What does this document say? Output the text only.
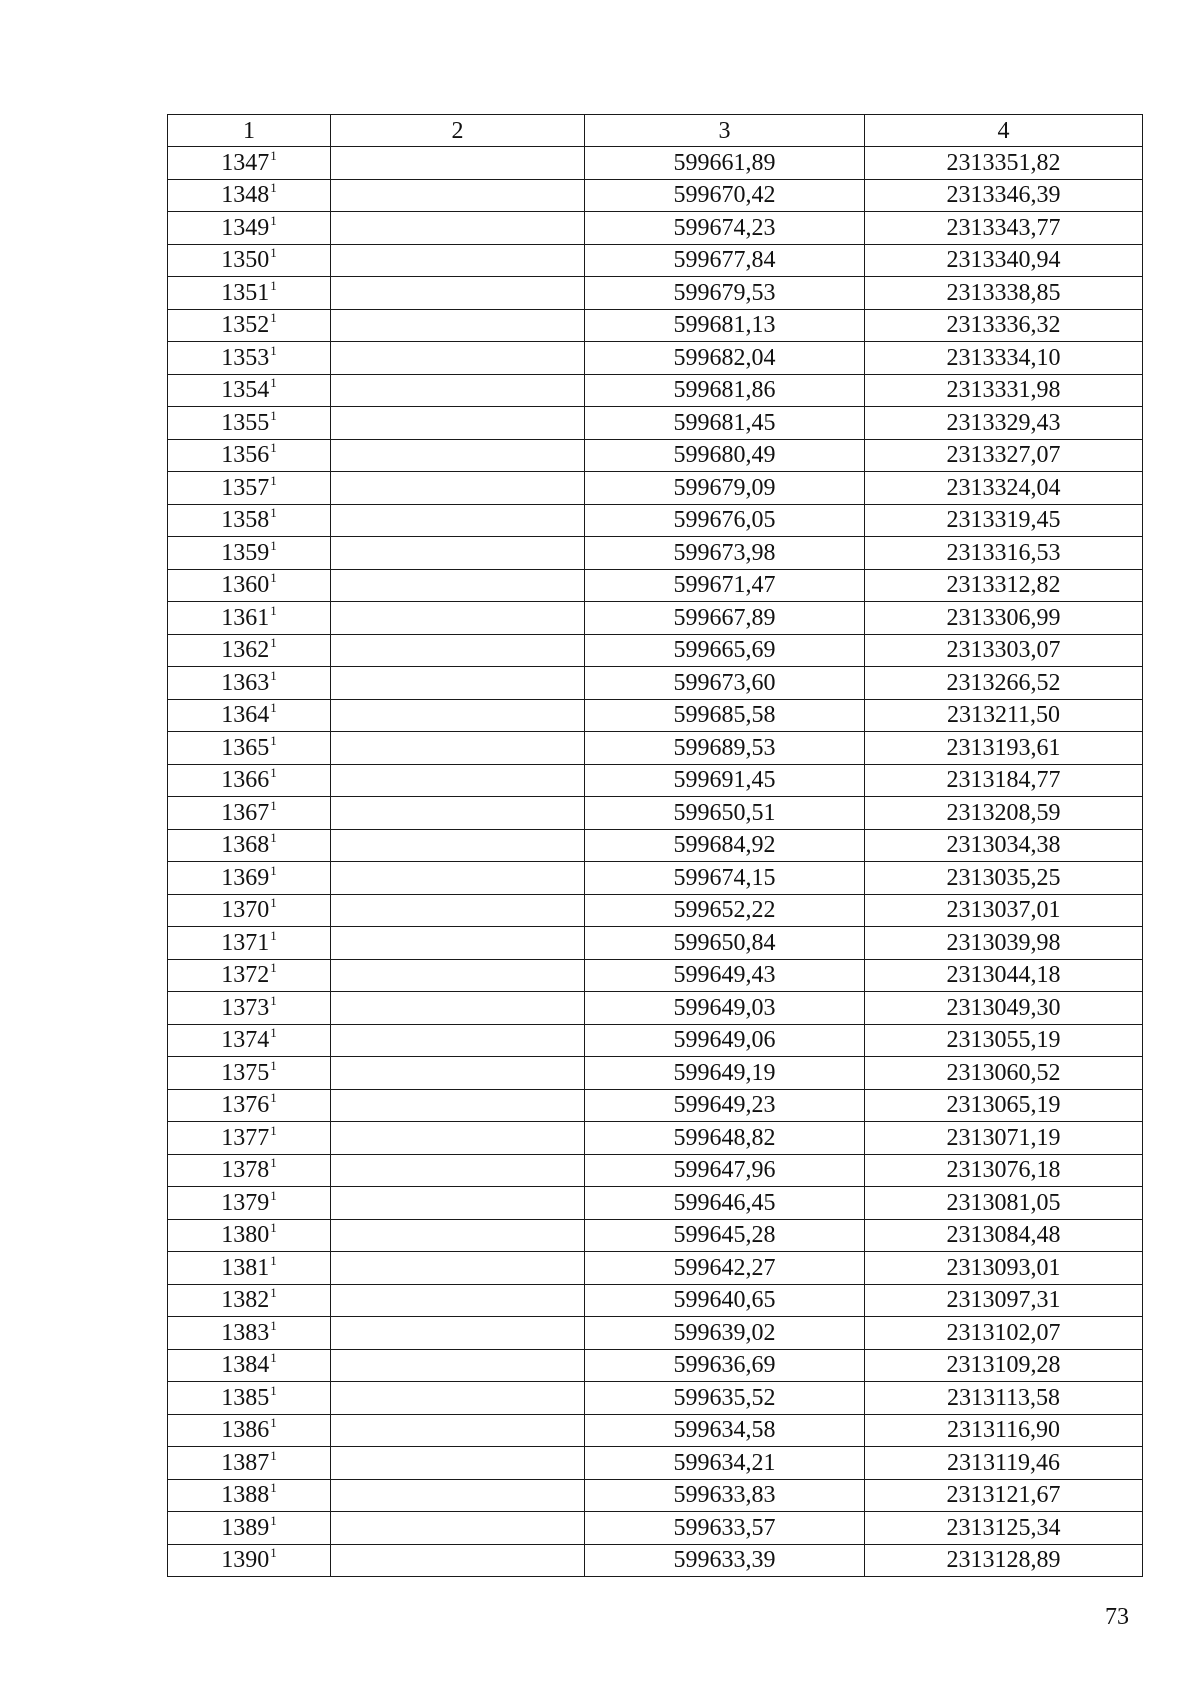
1	2	3	4
1347$^1$		599661,89	2313351,82
1348$^1$		599670,42	2313346,39
1349$^1$		599674,23	2313343,77
1350$^1$		599677,84	2313340,94
1351$^1$		599679,53	2313338,85
1352$^1$		599681,13	2313336,32
1353$^1$		599682,04	2313334,10
1354$^1$		599681,86	2313331,98
1355$^1$		599681,45	2313329,43
1356$^1$		599680,49	2313327,07
1357$^1$		599679,09	2313324,04
1358$^1$		599676,05	2313319,45
1359$^1$		599673,98	2313316,53
1360$^1$		599671,47	2313312,82
1361$^1$		599667,89	2313306,99
1362$^1$		599665,69	2313303,07
1363$^1$		599673,60	2313266,52
1364$^1$		599685,58	2313211,50
1365$^1$		599689,53	2313193,61
1366$^1$		599691,45	2313184,77
1367$^1$		599650,51	2313208,59
1368$^1$		599684,92	2313034,38
1369$^1$		599674,15	2313035,25
1370$^1$		599652,22	2313037,01
1371$^1$		599650,84	2313039,98
1372$^1$		599649,43	2313044,18
1373$^1$		599649,03	2313049,30
1374$^1$		599649,06	2313055,19
1375$^1$		599649,19	2313060,52
1376$^1$		599649,23	2313065,19
1377$^1$		599648,82	2313071,19
1378$^1$		599647,96	2313076,18
1379$^1$		599646,45	2313081,05
1380$^1$		599645,28	2313084,48
1381$^1$		599642,27	2313093,01
1382$^1$		599640,65	2313097,31
1383$^1$		599639,02	2313102,07
1384$^1$		599636,69	2313109,28
1385$^1$		599635,52	2313113,58
1386$^1$		599634,58	2313116,90
1387$^1$		599634,21	2313119,46
1388$^1$		599633,83	2313121,67
1389$^1$		599633,57	2313125,34
1390$^1$		599633,39	2313128,89
73
